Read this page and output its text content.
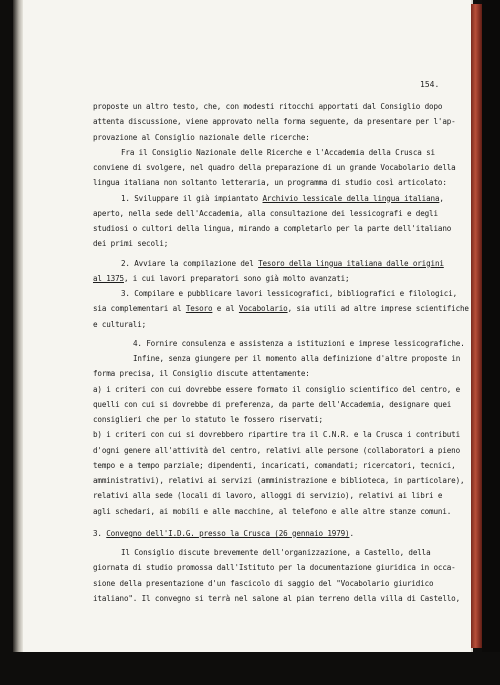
154.

proposte un altro testo, che, con modesti ritocchi apportati dal Consiglio dopo

attenta discussione, viene approvato nella forma seguente, da presentare per l'ap-

provazione al Consiglio nazionale delle ricerche:

Fra il Consiglio Nazionale delle Ricerche e l'Accademia della Crusca si

conviene di svolgere, nel quadro della preparazione di un grande Vocabolario della

lingua italiana non soltanto letteraria, un programma di studio così articolato:

1. Sviluppare il già impiantato Archivio lessicale della lingua italiana,

aperto, nella sede dell'Accademia, alla consultazione dei lessicografi e degli

studiosi o cultori della lingua, mirando a completarlo per la parte dell'italiano

dei primi secoli;

2. Avviare la compilazione del Tesoro della lingua italiana dalle origini

al 1375, i cui lavori preparatori sono già molto avanzati;

3. Compilare e pubblicare lavori lessicografici, bibliografici e filologici,

sia complementari al Tesoro e al Vocabolario, sia utili ad altre imprese scientifiche

e culturali;

4. Fornire consulenza e assistenza a istituzioni e imprese lessicografiche.

Infine, senza giungere per il momento alla definizione d'altre proposte in

forma precisa, il Consiglio discute attentamente:

a) i criteri con cui dovrebbe essere formato il consiglio scientifico del centro, e

quelli con cui si dovrebbe di preferenza, da parte dell'Accademia, designare quei

consiglieri che per lo statuto le fossero riservati;

b) i criteri con cui si dovrebbero ripartire tra il C.N.R. e la Crusca i contributi

d'ogni genere all'attività del centro, relativi alle persone (collaboratori a pieno

tempo e a tempo parziale; dipendenti, incaricati, comandati; ricercatori, tecnici,

amministrativi), relativi ai servizi (amministrazione e biblioteca, in particolare),

relativi alla sede (locali di lavoro, alloggi di servizio), relativi ai libri e

agli schedari, ai mobili e alle macchine, al telefono e alle altre stanze comuni.

3. Convegno dell'I.D.G. presso la Crusca (26 gennaio 1979).

Il Consiglio discute brevemente dell'organizzazione, a Castello, della

giornata di studio promossa dall'Istituto per la documentazione giuridica in occa-

sione della presentazione d'un fascicolo di saggio del "Vocabolario giuridico

italiano". Il convegno si terrà nel salone al pian terreno della villa di Castello,
